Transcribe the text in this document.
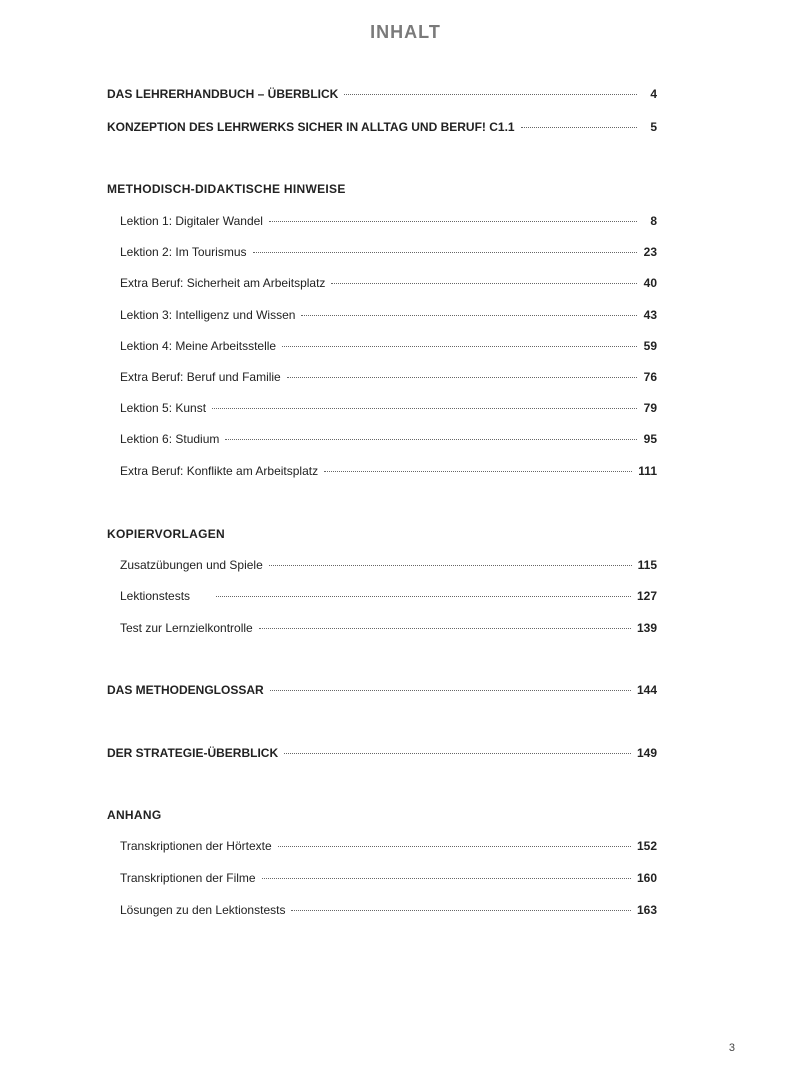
INHALT
DAS LEHRERHANDBUCH – ÜBERBLICK	4
KONZEPTION DES LEHRWERKS SICHER IN ALLTAG UND BERUF! C1.1	5
METHODISCH-DIDAKTISCHE HINWEISE
Lektion 1: Digitaler Wandel	8
Lektion 2: Im Tourismus	23
Extra Beruf: Sicherheit am Arbeitsplatz	40
Lektion 3: Intelligenz und Wissen	43
Lektion 4: Meine Arbeitsstelle	59
Extra Beruf: Beruf und Familie	76
Lektion 5: Kunst	79
Lektion 6: Studium	95
Extra Beruf: Konflikte am Arbeitsplatz	111
KOPIERVORLAGEN
Zusatzübungen und Spiele	115
Lektionstests	127
Test zur Lernzielkontrolle	139
DAS METHODENGLOSSAR	144
DER STRATEGIE-ÜBERBLICK	149
ANHANG
Transkriptionen der Hörtexte	152
Transkriptionen der Filme	160
Lösungen zu den Lektionstests	163
3
